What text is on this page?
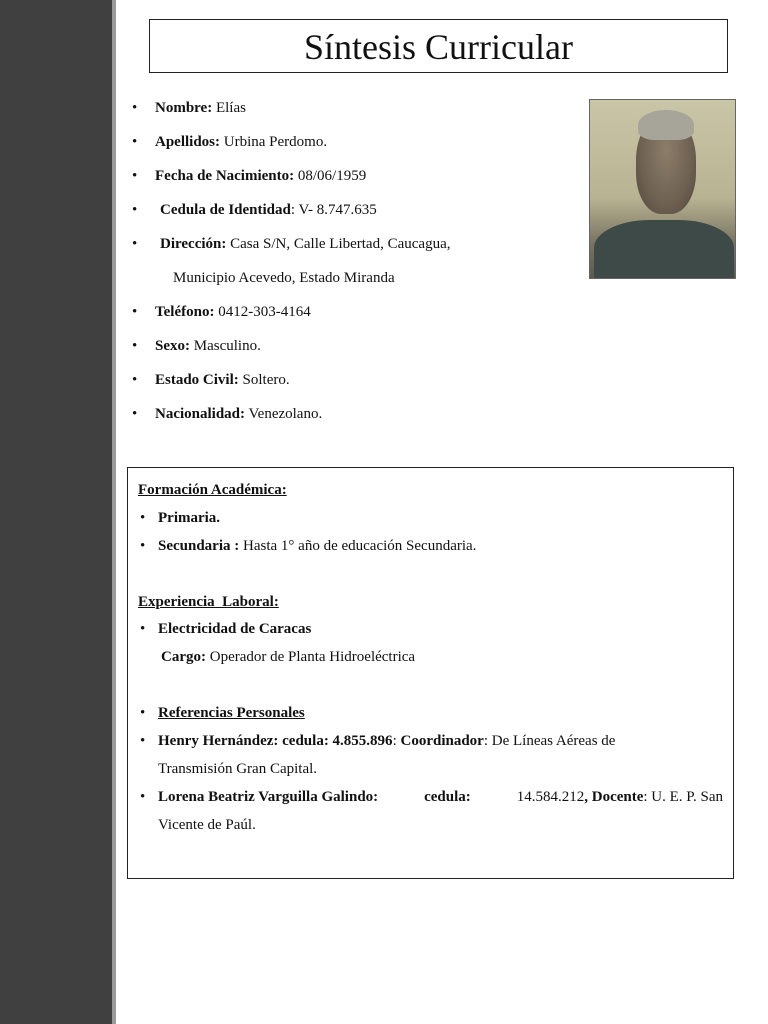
Síntesis Curricular
• Nombre: Elías
• Apellidos: Urbina Perdomo.
• Fecha de Nacimiento: 08/06/1959
• Cedula de Identidad: V- 8.747.635
• Dirección: Casa S/N, Calle Libertad, Caucagua,
Municipio Acevedo, Estado Miranda
• Teléfono: 0412-303-4164
• Sexo: Masculino.
• Estado Civil: Soltero.
• Nacionalidad: Venezolano.
Formación Académica:
• Primaria.
• Secundaria : Hasta 1° año de educación Secundaria.
Experiencia  Laboral:
• Electricidad de Caracas
Cargo: Operador de Planta Hidroeléctrica
• Referencias Personales
• Henry Hernández: cedula: 4.855.896: Coordinador: De Líneas Aéreas de
Transmisión Gran Capital.
• Lorena Beatriz Varguilla Galindo:	cedula:	14.584.212, Docente: U. E. P. San
Vicente de Paúl.
